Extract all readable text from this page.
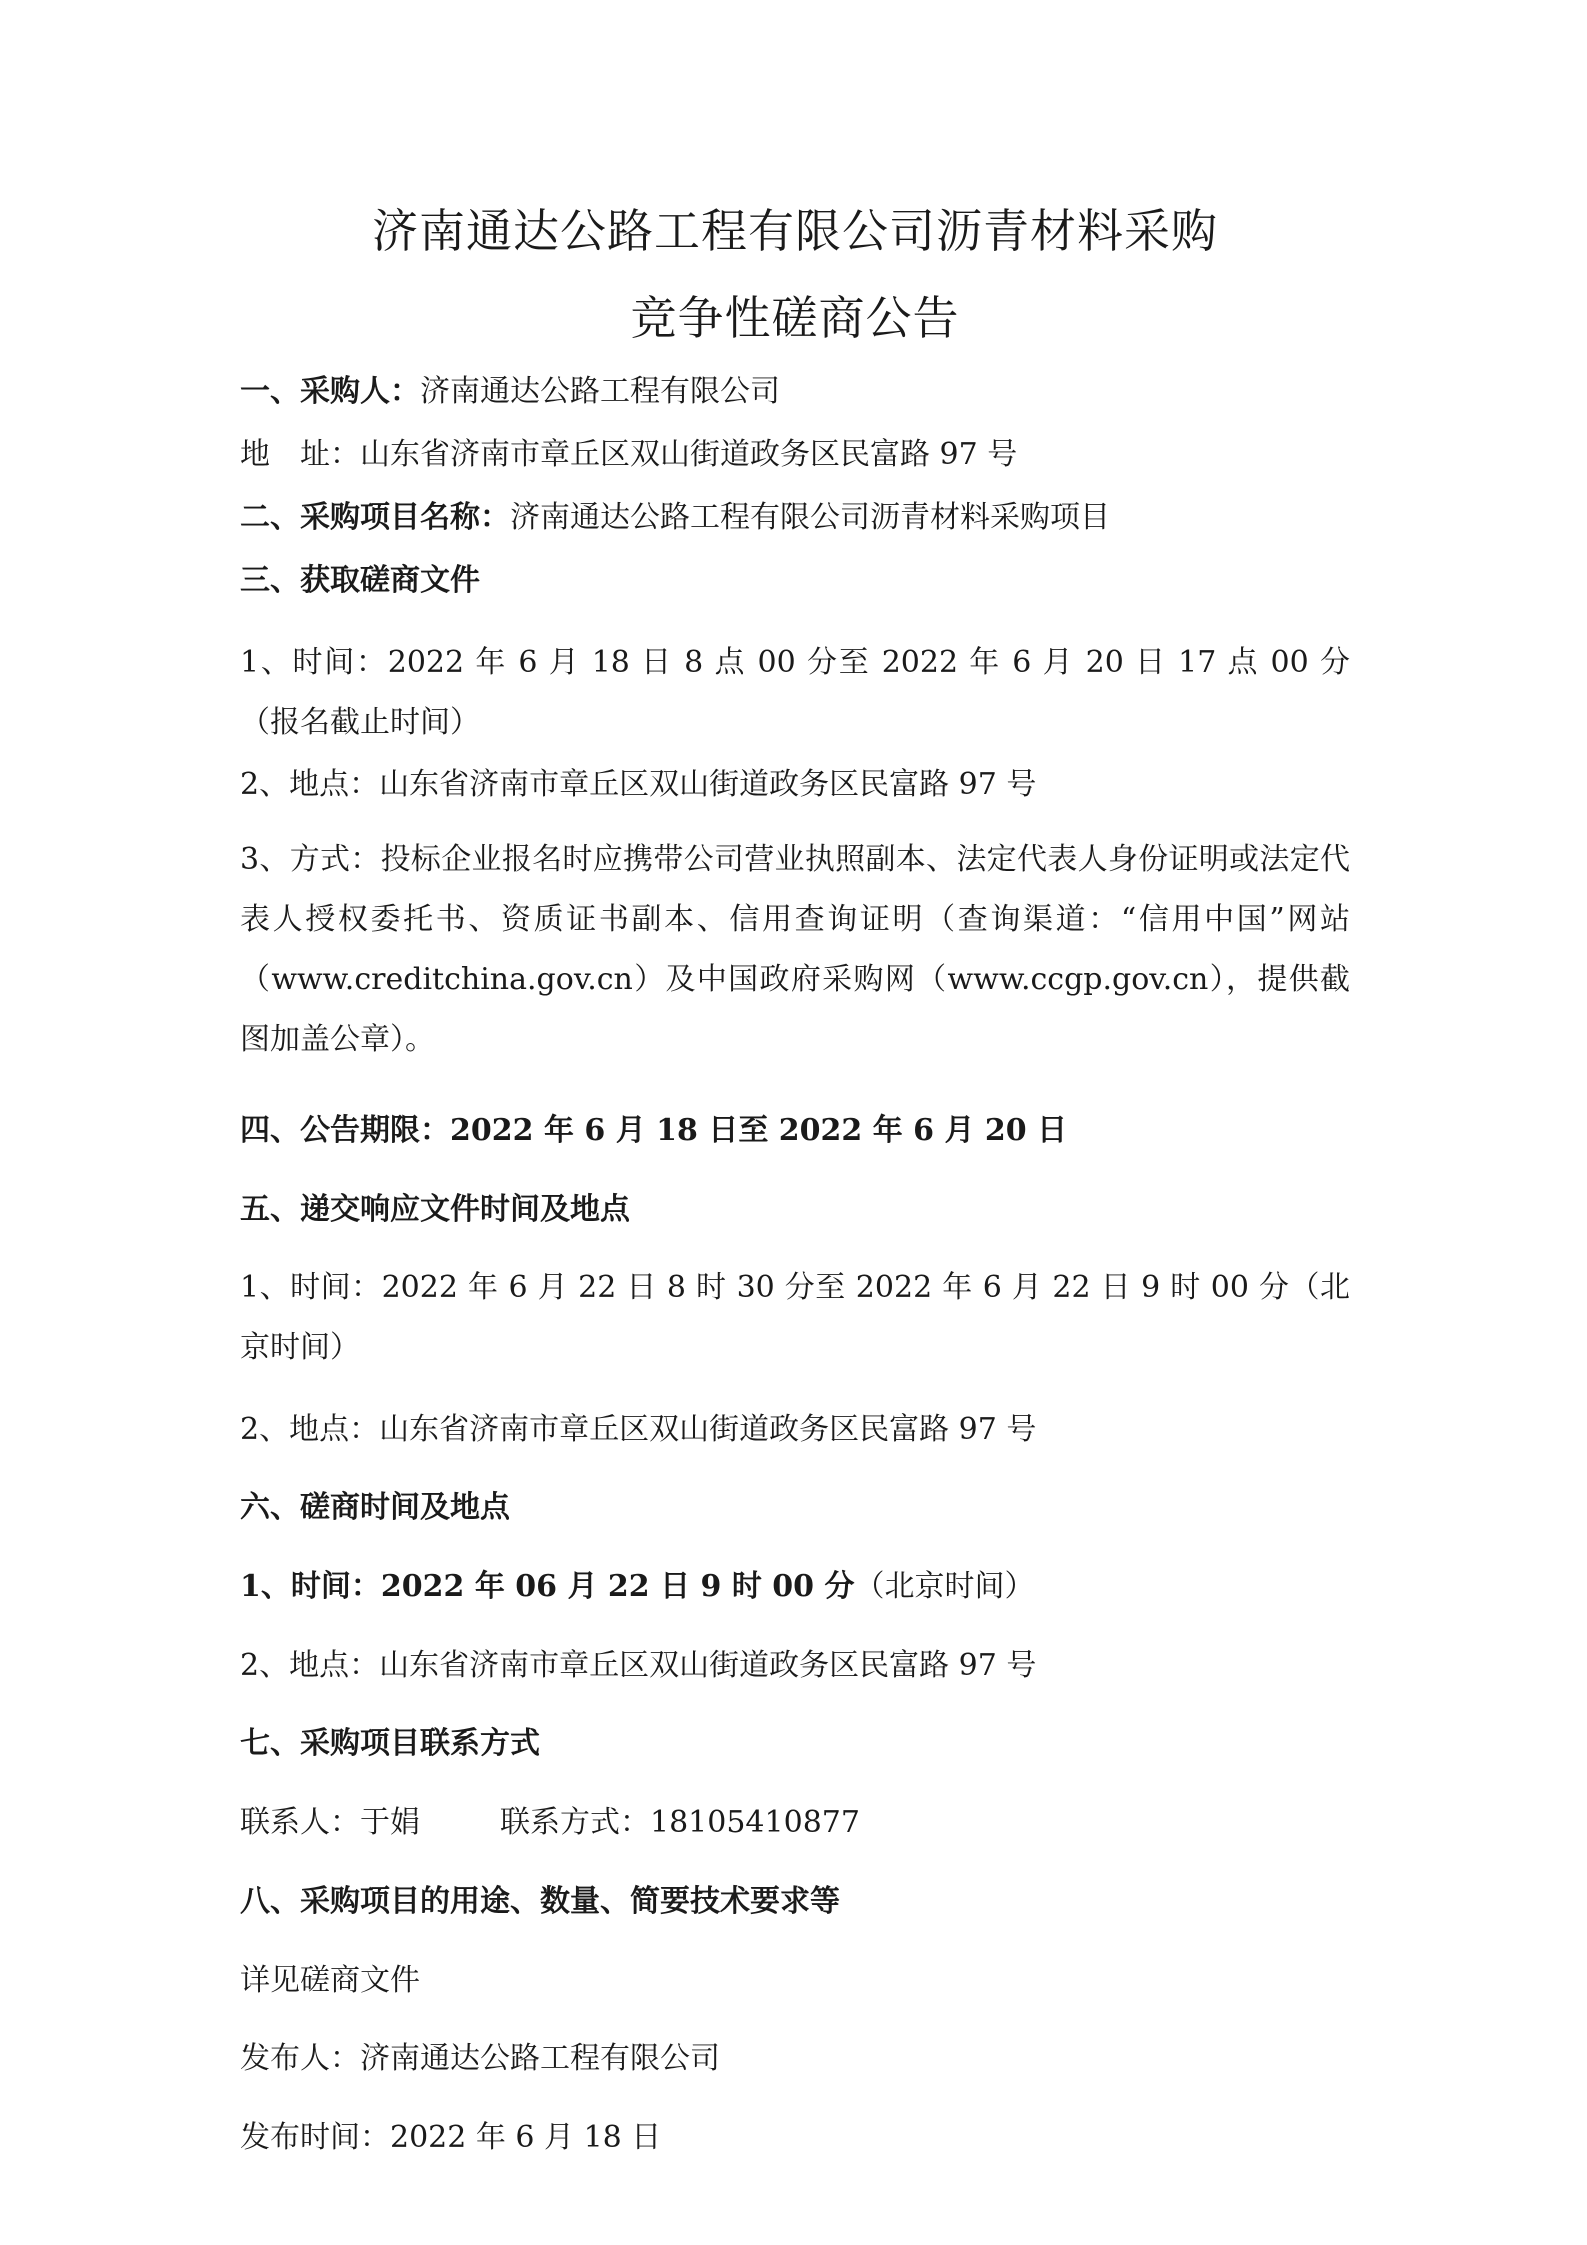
济南通达公路工程有限公司沥青材料采购
竞争性磋商公告
一、采购人：济南通达公路工程有限公司
地　址：山东省济南市章丘区双山街道政务区民富路 97 号
二、采购项目名称：济南通达公路工程有限公司沥青材料采购项目
三、获取磋商文件
1、时间：2022 年 6 月 18 日 8 点 00 分至 2022 年 6 月 20 日 17 点 00 分（报名截止时间）
2、地点：山东省济南市章丘区双山街道政务区民富路 97 号
3、方式：投标企业报名时应携带公司营业执照副本、法定代表人身份证明或法定代表人授权委托书、资质证书副本、信用查询证明（查询渠道：“信用中国”网站（www.creditchina.gov.cn）及中国政府采购网（www.ccgp.gov.cn），提供截图加盖公章）。
四、公告期限：2022 年 6 月 18 日至 2022 年 6 月 20 日
五、递交响应文件时间及地点
1、时间：2022 年 6 月 22 日 8 时 30 分至 2022 年 6 月 22 日 9 时 00 分（北京时间）
2、地点：山东省济南市章丘区双山街道政务区民富路 97 号
六、磋商时间及地点
1、时间：2022 年 06 月 22 日 9 时 00 分（北京时间）
2、地点：山东省济南市章丘区双山街道政务区民富路 97 号
七、采购项目联系方式
联系人：于娟	联系方式：18105410877
八、采购项目的用途、数量、简要技术要求等
详见磋商文件
发布人：济南通达公路工程有限公司
发布时间：2022 年 6 月 18 日
